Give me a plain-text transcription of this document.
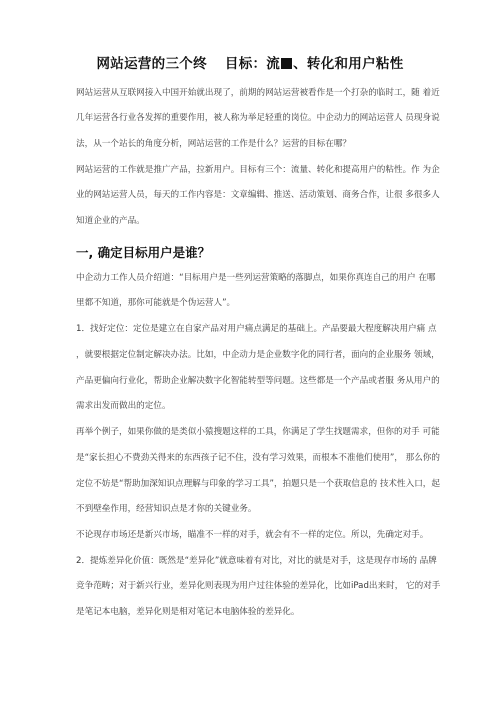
网站运营的三个终 目标：流 、转化和用户粘性
网站运营从互联网接入中国开始就出现了，前期的网站运营被看作是一个打杂的临时工，随 着近
几年运营各行业各发挥的重要作用，被人称为举足轻重的岗位。中企动力的网站运营人 员现身说
法，从一个站长的角度分析，网站运营的工作是什么？运营的目标在哪？
网站运营的工作就是推广产品，拉新用户。目标有三个：流量、转化和提高用户的粘性。作 为企
业的网站运营人员，每天的工作内容是：文章编辑、推送、活动策划、商务合作，让很 多很多人
知道企业的产品。
一, 确定目标用户是谁？
中企动力工作人员介绍道：“目标用户是一些列运营策略的落脚点，如果你真连自己的用户 在哪
里都不知道，那你可能就是个伪运营人”。
1．找好定位：定位是建立在自家产品对用户痛点满足的基础上。产品要最大程度解决用户痛 点
，就要根据定位制定解决办法。比如，中企动力是企业数字化的同行者，面向的企业服务 领域，
产品更偏向行业化，帮助企业解决数字化智能转型等问题。这些都是一个产品或者服 务从用户的
需求出发而做出的定位。
再举个例子，如果你做的是类似小猿搜题这样的工具，你满足了学生找题需求，但你的对手 可能
是“家长担心不费劲关得来的东西孩子记不住，没有学习效果，而根本不准他们使用”， 那么你的
定位不妨是“帮助加深知识点理解与印象的学习工具”，拍题只是一个获取信息的 技术性入口，起
不到壁垒作用，经营知识点是才你的关键业务。
不论现存市场还是新兴市场，瞄准不一样的对手，就会有不一样的定位。所以，先确定对手。
2．提炼差异化价值：既然是“差异化”就意味着有对比，对比的就是对手，这是现存市场的 品牌
竞争范畴；对于新兴行业，差异化则表现为用户过往体验的差异化，比如iPad出来时， 它的对手
是笔记本电脑，差异化则是相对笔记本电脑体验的差异化。
